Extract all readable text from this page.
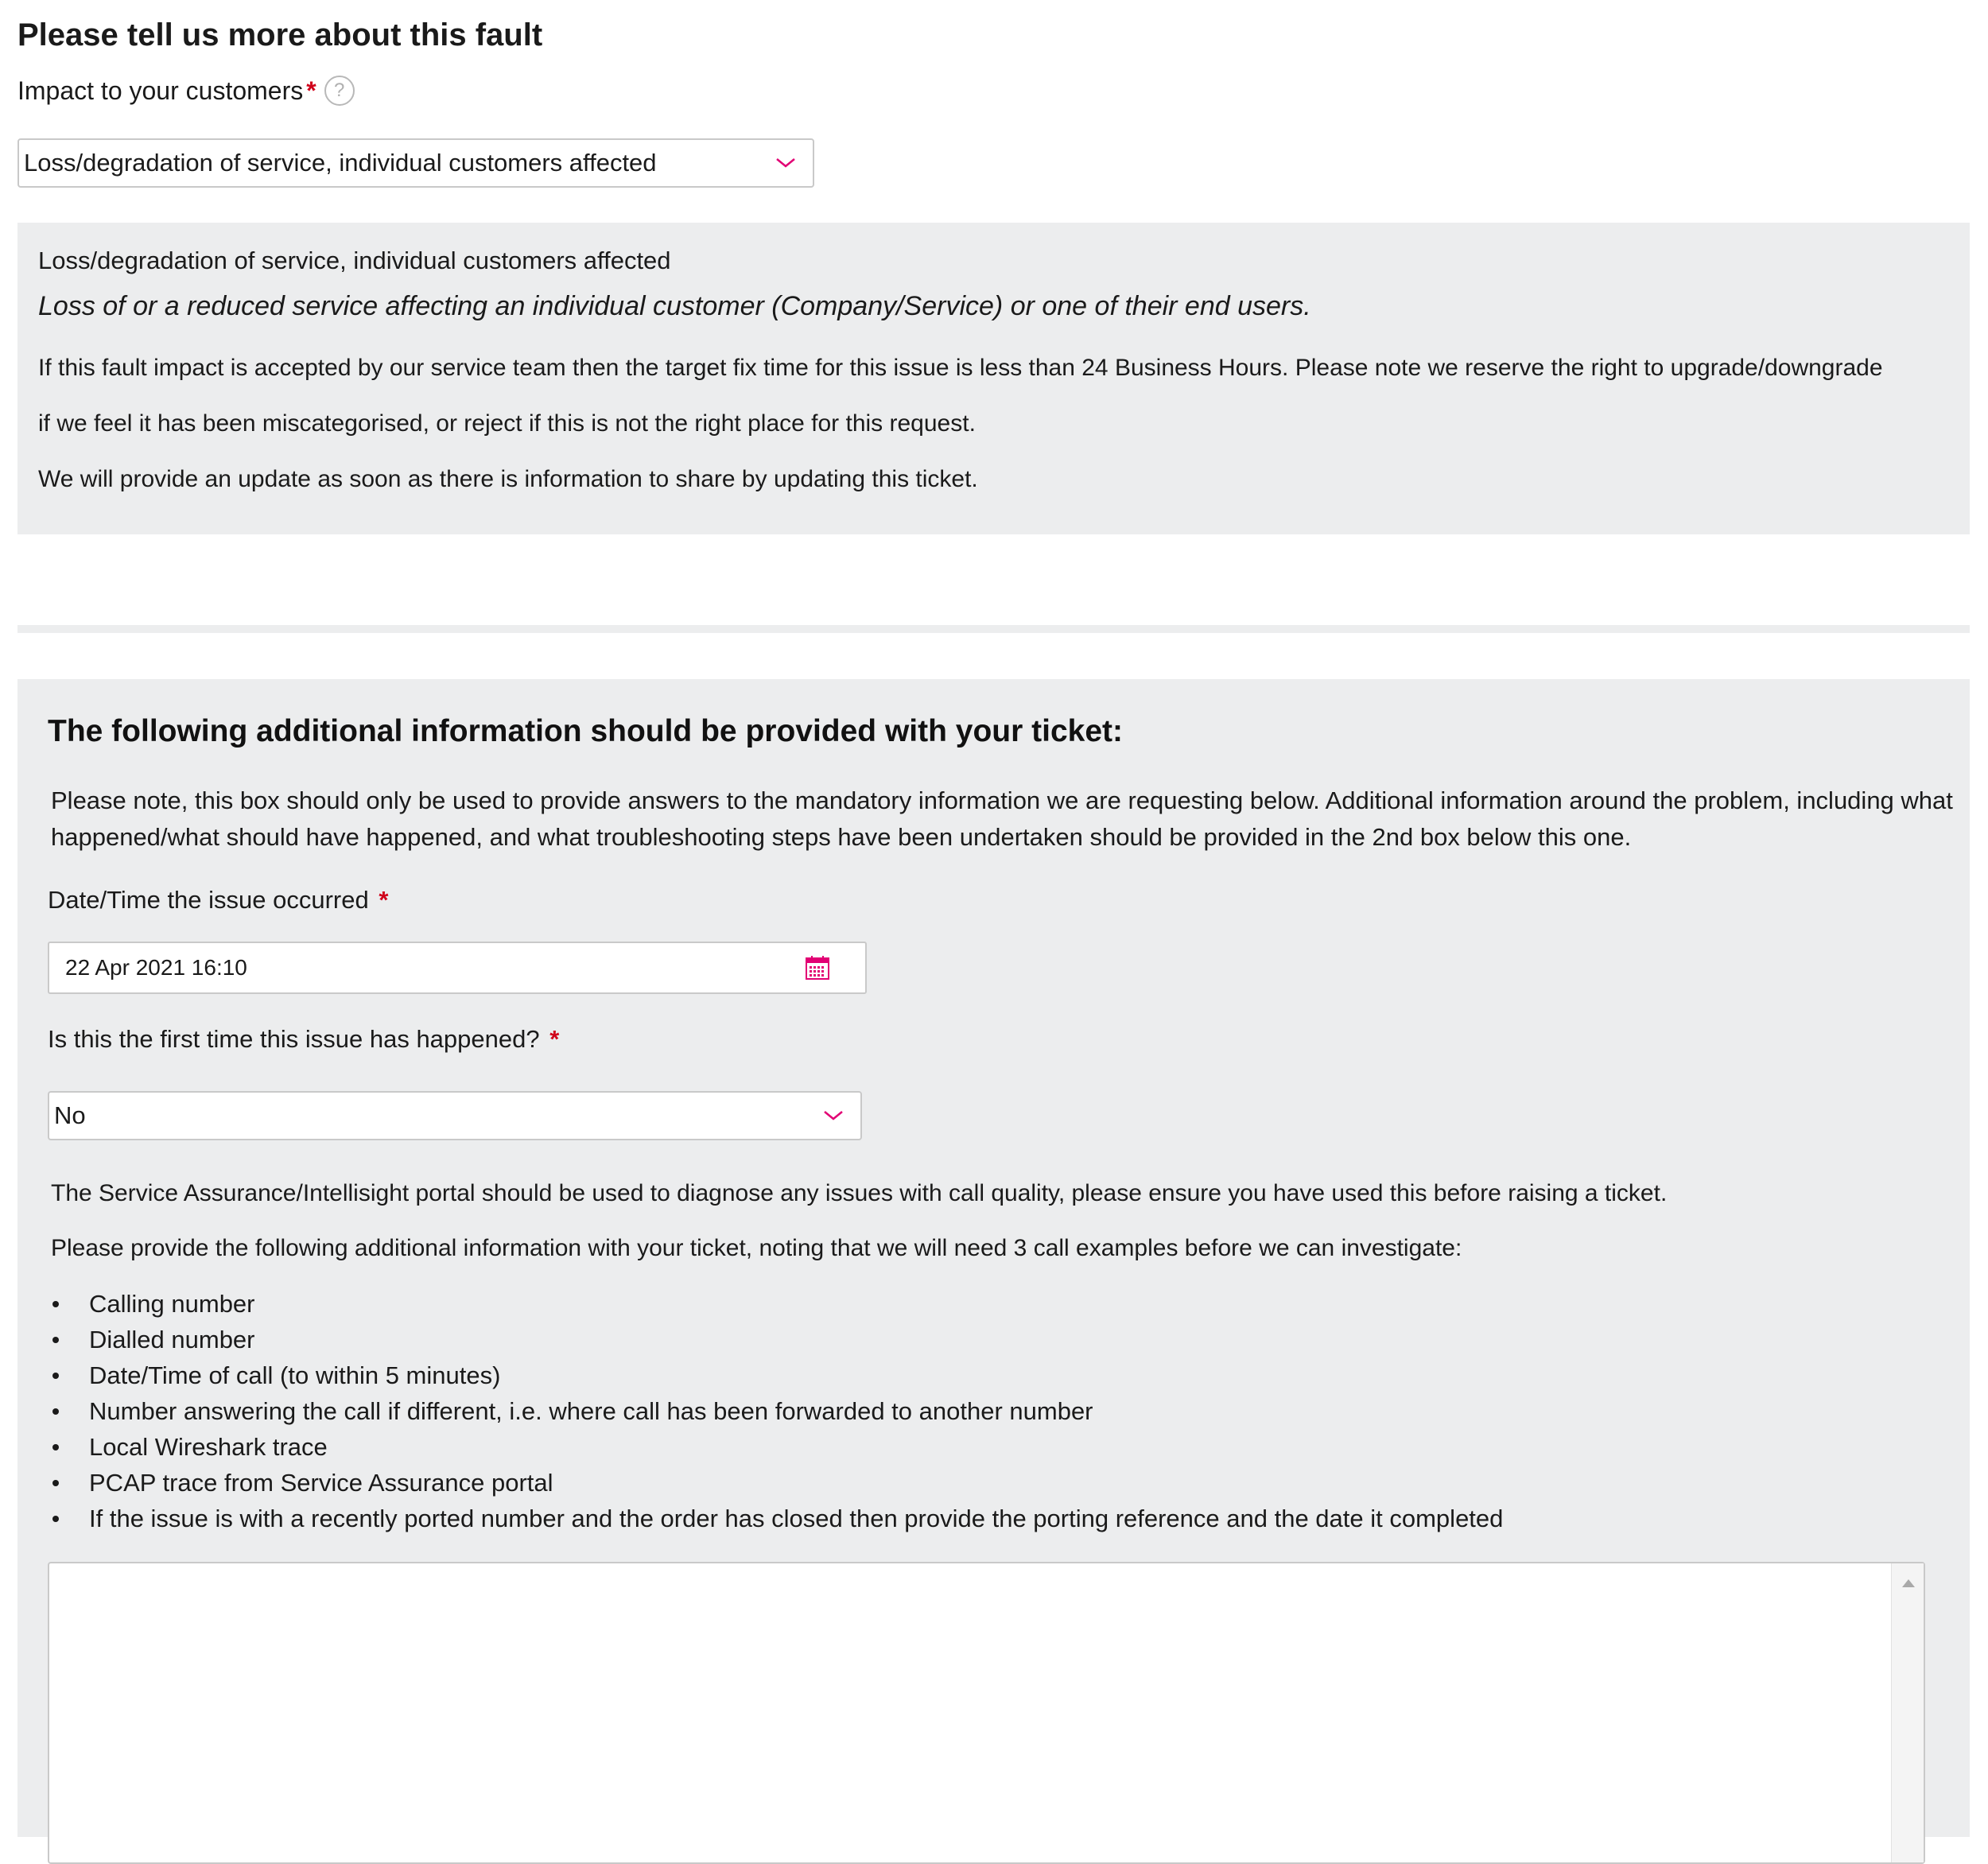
Please tell us more about this fault
Impact to your customers * ?
Loss/degradation of service, individual customers affected
Loss/degradation of service, individual customers affected
Loss of or a reduced service affecting an individual customer (Company/Service) or one of their end users.
If this fault impact is accepted by our service team then the target fix time for this issue is less than 24 Business Hours. Please note we reserve the right to upgrade/downgrade
if we feel it has been miscategorised, or reject if this is not the right place for this request.
We will provide an update as soon as there is information to share by updating this ticket.
The following additional information should be provided with your ticket:
Please note, this box should only be used to provide answers to the mandatory information we are requesting below. Additional information around the problem, including what happened/what should have happened, and what troubleshooting steps have been undertaken should be provided in the 2nd box below this one.
Date/Time the issue occurred *
22 Apr 2021 16:10
Is this the first time this issue has happened? *
No
The Service Assurance/Intellisight portal should be used to diagnose any issues with call quality, please ensure you have used this before raising a ticket.
Please provide the following additional information with your ticket, noting that we will need 3 call examples before we can investigate:
Calling number
Dialled number
Date/Time of call (to within 5 minutes)
Number answering the call if different, i.e. where call has been forwarded to another number
Local Wireshark trace
PCAP trace from Service Assurance portal
If the issue is with a recently ported number and the order has closed then provide the porting reference and the date it completed
